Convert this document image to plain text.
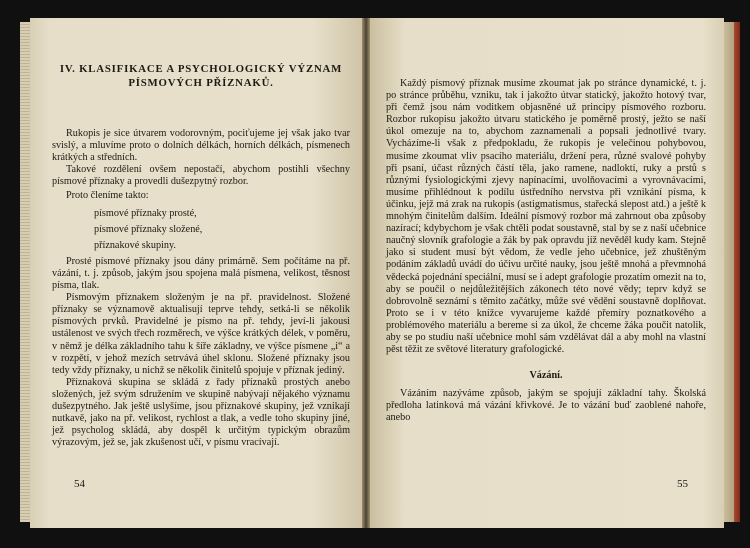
IV. KLASIFIKACE A PSYCHOLOGICKÝ VÝZNAM
PÍSMOVÝCH PŘÍZNAKŮ.

Rukopis je sice útvarem vodorovným, pociťujeme jej však jako tvar svislý, a mluvíme proto o dolních délkách, horních délkách, písmenech krátkých a středních.

Takové rozdělení ovšem nepostačí, abychom postihli všechny písmové příznaky a provedli dušezpytný rozbor.

Proto členíme takto:

písmové příznaky prosté,

písmové příznaky složené,

příznakové skupiny.

Prosté písmové příznaky jsou dány primárně. Sem počítáme na př. vázání, t. j. způsob, jakým jsou spojena malá písmena, velikost, těsnost písma, tlak.

Písmovým příznakem složeným je na př. pravidelnost. Složené příznaky se významově aktualisují teprve tehdy, setká-li se několik písmových prvků. Pravidelné je písmo na př. tehdy, jeví-li jakousi ustálenost ve svých třech rozměrech, ve výšce krátkých délek, v poměru, v němž je délka základního tahu k šíře základny, ve výšce písmene „i“ a v rozpětí, v jehož mezích setrvává úhel sklonu. Složené příznaky jsou tedy vždy příznaky, u nichž se několik činitelů spojuje v příznak jediný.

Příznaková skupina se skládá z řady příznaků prostých anebo složených, jež svým sdružením ve skupině nabývají nějakého významu dušezpytného. Jak ještě uslyšíme, jsou příznakové skupiny, jež vznikají nutkavě, jako na př. velikost, rychlost a tlak, a vedle toho skupiny jiné, jež psycholog skládá, aby dospěl k určitým typickým obrazům výrazovým, jež se, jak zkušenost učí, v písmu vracívají.

54

Každý písmový příznak musíme zkoumat jak po stránce dynamické, t. j. po stránce průběhu, vzniku, tak i jakožto útvar statický, jakožto hotový tvar, při čemž jsou nám voditkem objasněné už principy písmového rozboru. Rozbor rukopisu jakožto útvaru statického je poměrně prostý, ježto se naší úkol omezuje na to, abychom zaznamenali a popsali jednotlivé tvary. Vycházíme-li však z předpokladu, že rukopis je velečinou pohybovou, musíme zkoumat vliv psacího materiálu, držení pera, různé svalové pohyby při psaní, účast různých částí těla, jako ramene, nadloktí, ruky a prstů s různými fysiologickými zjevy napínacími, uvolňovacími a vyrovnávacími, musíme přihlédnout k podílu ústředního nervstva při vznikání písma, k účinku, jejž má zrak na rukopis (astigmatismus, stařecká slepost atd.) a ještě k mnohým činitelům dalším. Ideální písmový rozbor má zahrnout oba způsoby nazírací; kdybychom je však chtěli podat soustavně, stal by se z naší učebnice naučný slovník grafologie a žák by pak opravdu jíž nevěděl kudy kam. Stejně jako si student musí být vědom, že vedle jeho učebnice, jež zhuštěným podáním základů uvádí do účivu určité nauky, jsou ještě mnohá a převmnohá vědecká pojednání speciální, musí se i adept grafologie prozatím omezit na to, aby se poučil o nejdůležitějších zákonech této nové vědy; teprv když se dobrovolně seznámí s těmito začátky, může své vědění soustavně doplňovat. Proto se i v této knížce vyvarujeme každé přemíry poznatkového a problémového materiálu a bereme si za úkol, že chceme žáka poučit natolik, aby se po studiu naší učebnice mohl sám vzdělávat dál a aby mohl na vlastní pěst těžit ze světové literatury grafologické.

Vázání.

Vázáním nazýváme způsob, jakým se spojují základní tahy. Školská předloha latinková má vázání křivkové. Je to vázání buď zaoblené nahoře, anebo

55
